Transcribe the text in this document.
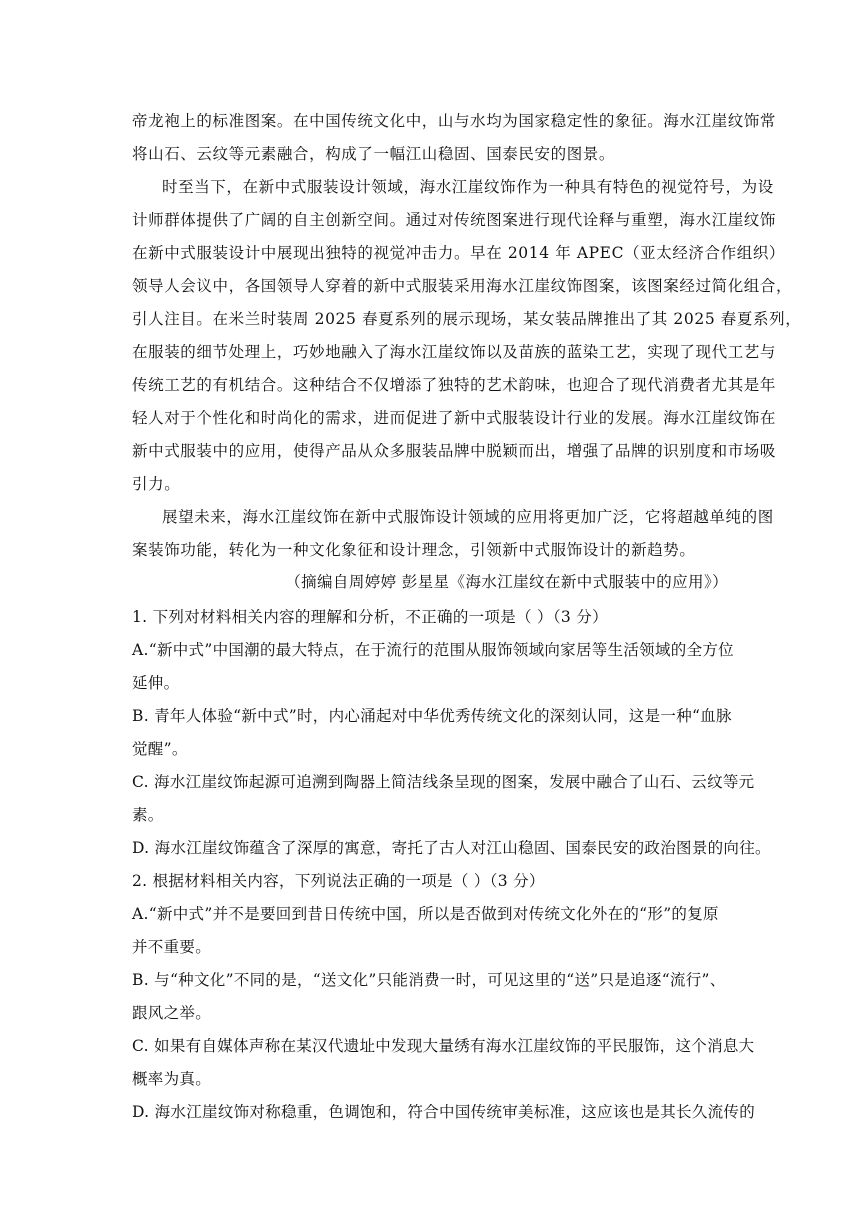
帝龙袍上的标准图案。在中国传统文化中，山与水均为国家稳定性的象征。海水江崖纹饰常
将山石、云纹等元素融合，构成了一幅江山稳固、国泰民安的图景。
时至当下，在新中式服装设计领域，海水江崖纹饰作为一种具有特色的视觉符号，为设
计师群体提供了广阔的自主创新空间。通过对传统图案进行现代诠释与重塑，海水江崖纹饰
在新中式服装设计中展现出独特的视觉冲击力。早在 2014 年 APEC（亚太经济合作组织）
领导人会议中，各国领导人穿着的新中式服装采用海水江崖纹饰图案，该图案经过简化组合，
引人注目。在米兰时装周 2025 春夏系列的展示现场，某女装品牌推出了其 2025 春夏系列，
在服装的细节处理上，巧妙地融入了海水江崖纹饰以及苗族的蓝染工艺，实现了现代工艺与
传统工艺的有机结合。这种结合不仅增添了独特的艺术韵味，也迎合了现代消费者尤其是年
轻人对于个性化和时尚化的需求，进而促进了新中式服装设计行业的发展。海水江崖纹饰在
新中式服装中的应用，使得产品从众多服装品牌中脱颖而出，增强了品牌的识别度和市场吸
引力。
展望未来，海水江崖纹饰在新中式服饰设计领域的应用将更加广泛，它将超越单纯的图
案装饰功能，转化为一种文化象征和设计理念，引领新中式服饰设计的新趋势。
（摘编自周婷婷 彭星星《海水江崖纹在新中式服装中的应用》）
1. 下列对材料相关内容的理解和分析，不正确的一项是（ ）（3 分）
A.“新中式”中国潮的最大特点，在于流行的范围从服饰领域向家居等生活领域的全方位
延伸。
B. 青年人体验“新中式”时，内心涌起对中华优秀传统文化的深刻认同，这是一种“血脉
觉醒”。
C. 海水江崖纹饰起源可追溯到陶器上简洁线条呈现的图案，发展中融合了山石、云纹等元
素。
D. 海水江崖纹饰蕴含了深厚的寓意，寄托了古人对江山稳固、国泰民安的政治图景的向往。
2. 根据材料相关内容，下列说法正确的一项是（ ）（3 分）
A.“新中式”并不是要回到昔日传统中国，所以是否做到对传统文化外在的“形”的复原
并不重要。
B. 与“种文化”不同的是，“送文化”只能消费一时，可见这里的“送”只是追逐“流行”、
跟风之举。
C. 如果有自媒体声称在某汉代遗址中发现大量绣有海水江崖纹饰的平民服饰，这个消息大
概率为真。
D. 海水江崖纹饰对称稳重，色调饱和，符合中国传统审美标准，这应该也是其长久流传的
